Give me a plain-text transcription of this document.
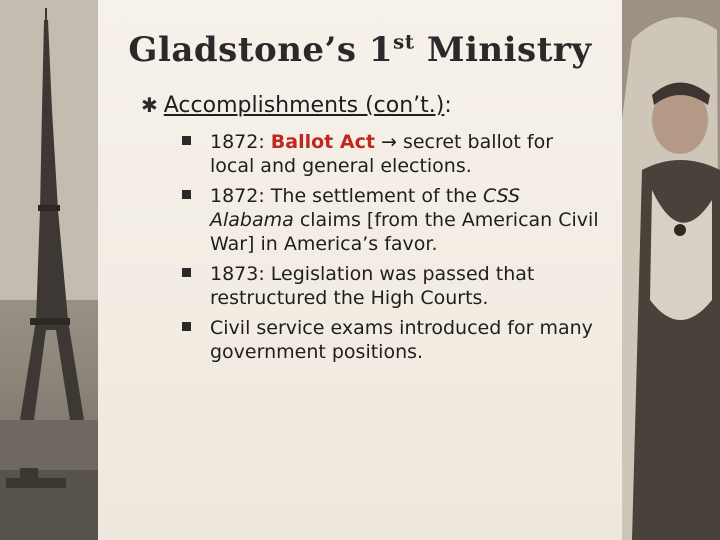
Gladstone’s 1st Ministry
✱ Accomplishments (con’t.):
1872: Ballot Act → secret ballot for local and general elections.
1872: The settlement of the CSS Alabama claims [from the American Civil War] in America’s favor.
1873: Legislation was passed that restructured the High Courts.
Civil service exams introduced for many government positions.
